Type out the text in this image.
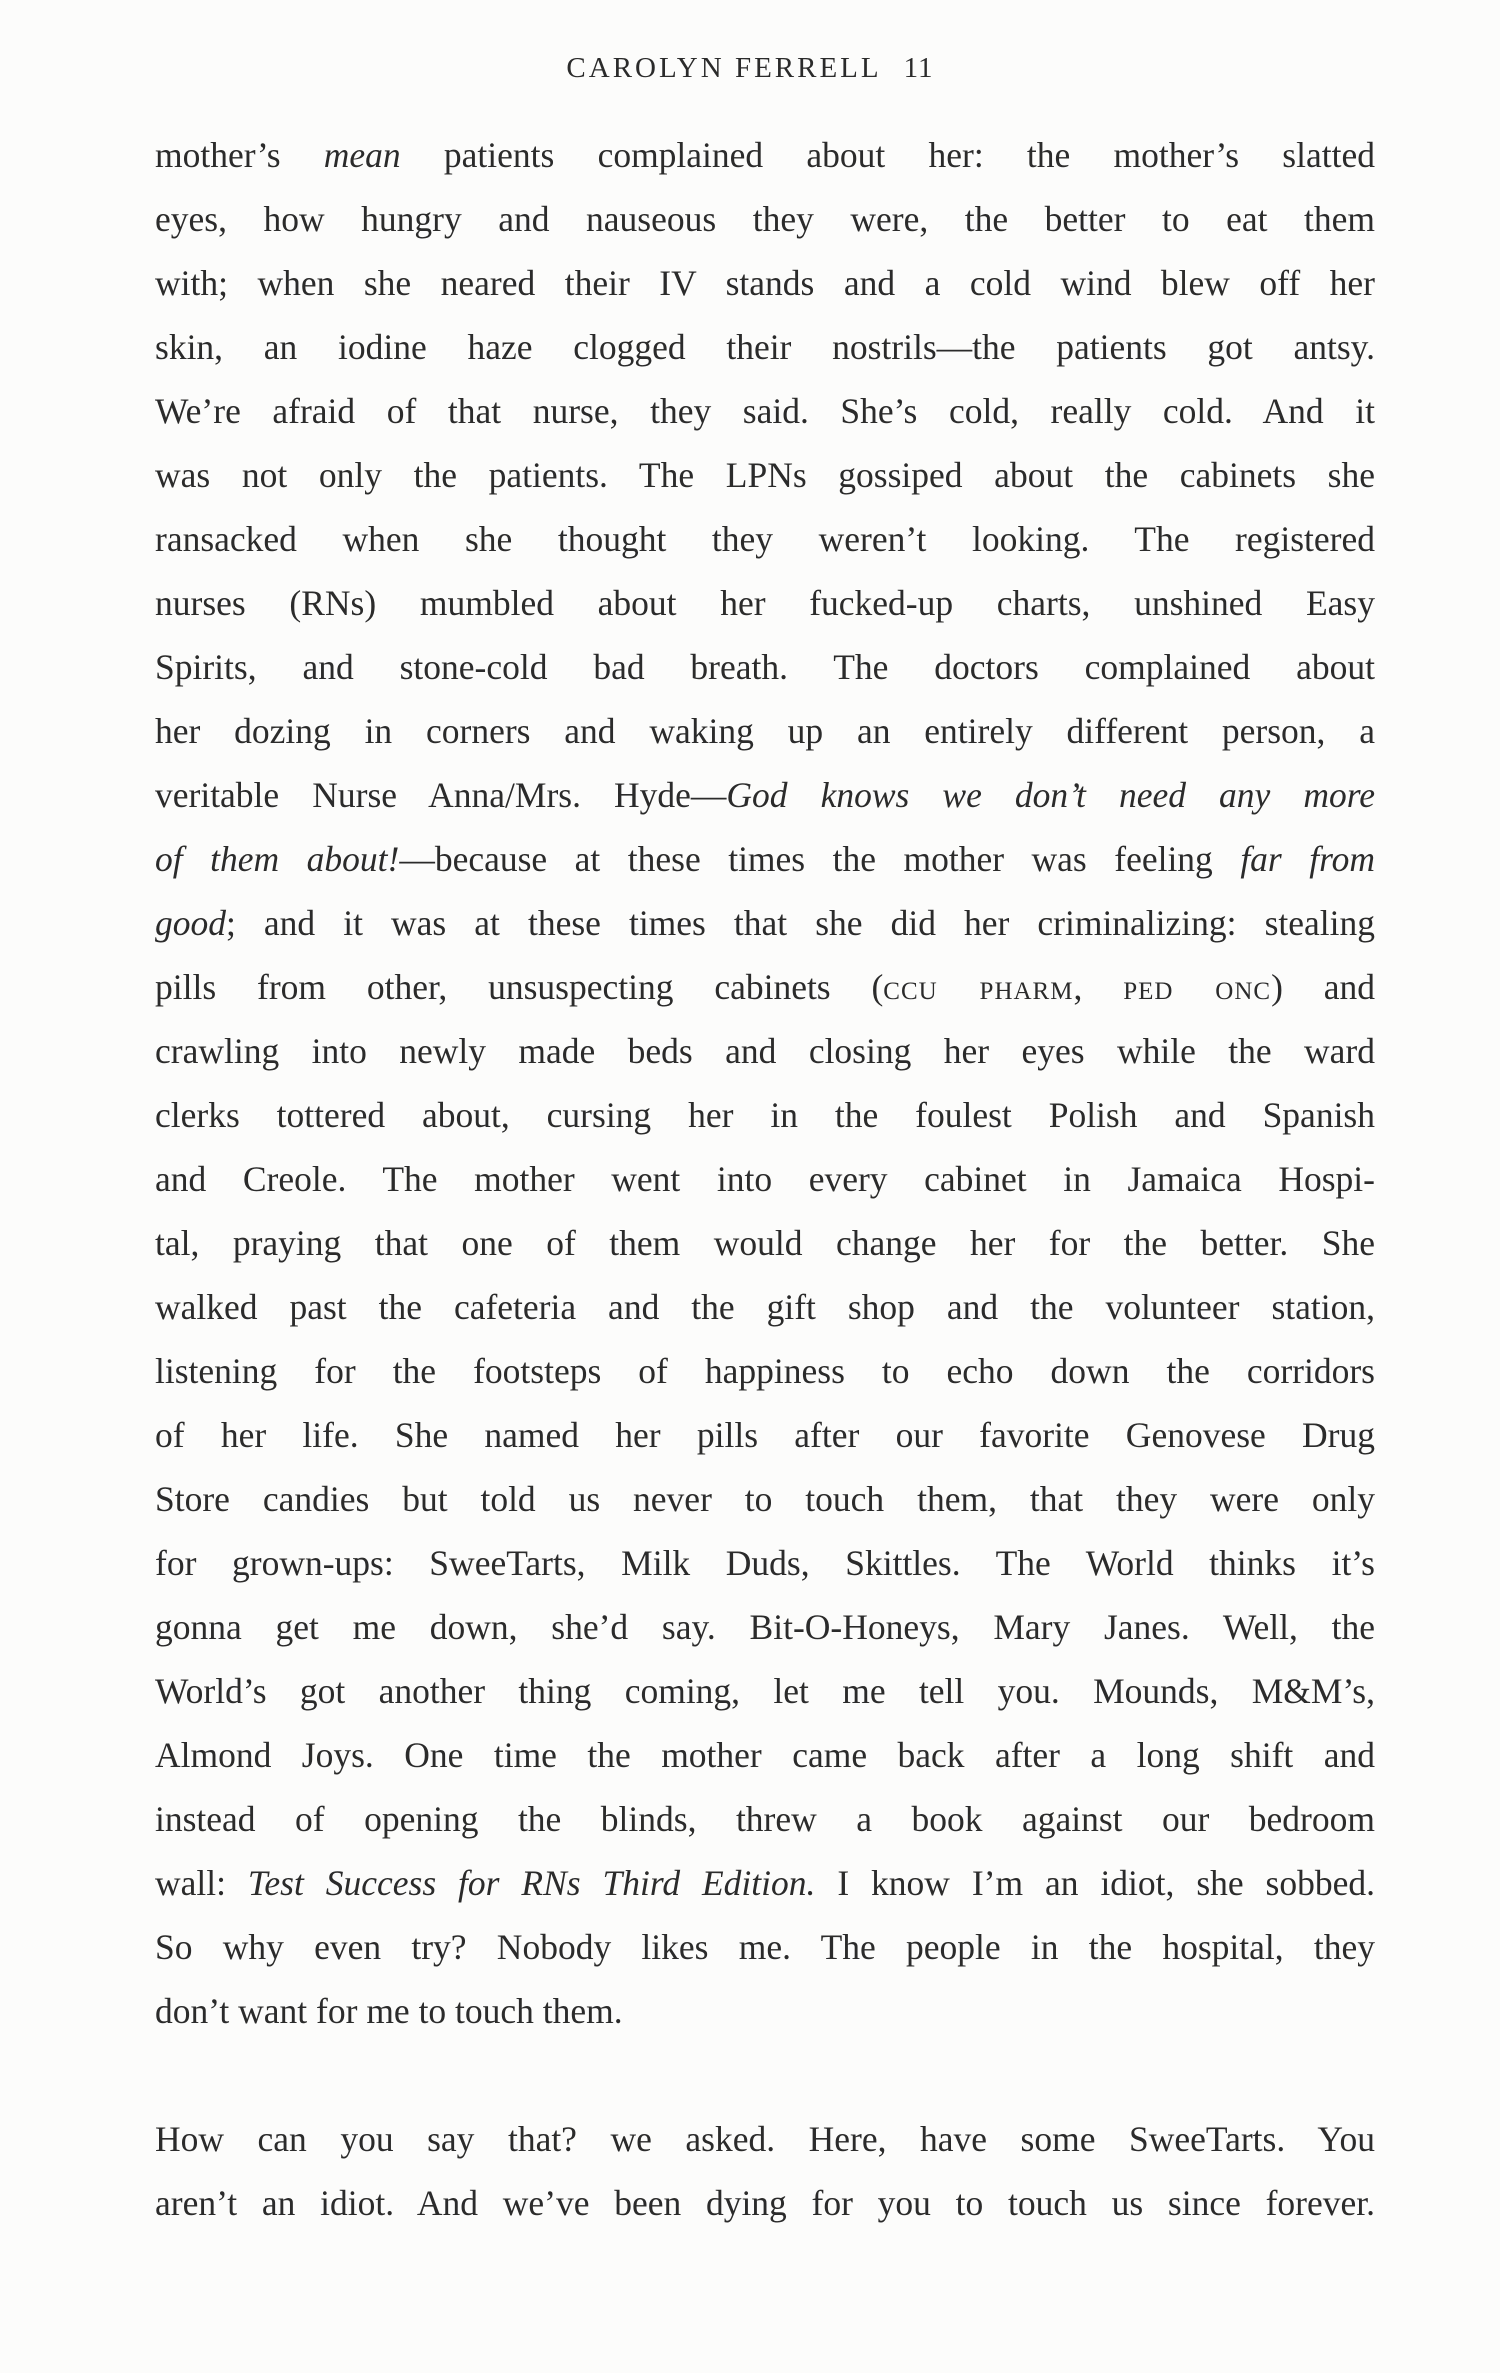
CAROLYN FERRELL 11
mother’s mean patients complained about her: the mother’s slatted
eyes, how hungry and nauseous they were, the better to eat them
with; when she neared their IV stands and a cold wind blew off her
skin, an iodine haze clogged their nostrils—the patients got antsy.
We’re afraid of that nurse, they said. She’s cold, really cold. And it
was not only the patients. The LPNs gossiped about the cabinets she
ransacked when she thought they weren’t looking. The registered
nurses (RNs) mumbled about her fucked-up charts, unshined Easy
Spirits, and stone-cold bad breath. The doctors complained about
her dozing in corners and waking up an entirely different person, a
veritable Nurse Anna/Mrs. Hyde—God knows we don’t need any more
of them about!—because at these times the mother was feeling far from
good; and it was at these times that she did her criminalizing: stealing
pills from other, unsuspecting cabinets (ccu pharm, ped onc) and
crawling into newly made beds and closing her eyes while the ward
clerks tottered about, cursing her in the foulest Polish and Spanish
and Creole. The mother went into every cabinet in Jamaica Hospi-
tal, praying that one of them would change her for the better. She
walked past the cafeteria and the gift shop and the volunteer station,
listening for the footsteps of happiness to echo down the corridors
of her life. She named her pills after our favorite Genovese Drug
Store candies but told us never to touch them, that they were only
for grown-ups: SweeTarts, Milk Duds, Skittles. The World thinks it’s
gonna get me down, she’d say. Bit-O-Honeys, Mary Janes. Well, the
World’s got another thing coming, let me tell you. Mounds, M&M’s,
Almond Joys. One time the mother came back after a long shift and
instead of opening the blinds, threw a book against our bedroom
wall: Test Success for RNs Third Edition. I know I’m an idiot, she sobbed.
So why even try? Nobody likes me. The people in the hospital, they
don’t want for me to touch them.
How can you say that? we asked. Here, have some SweeTarts. You
aren’t an idiot. And we’ve been dying for you to touch us since forever.
